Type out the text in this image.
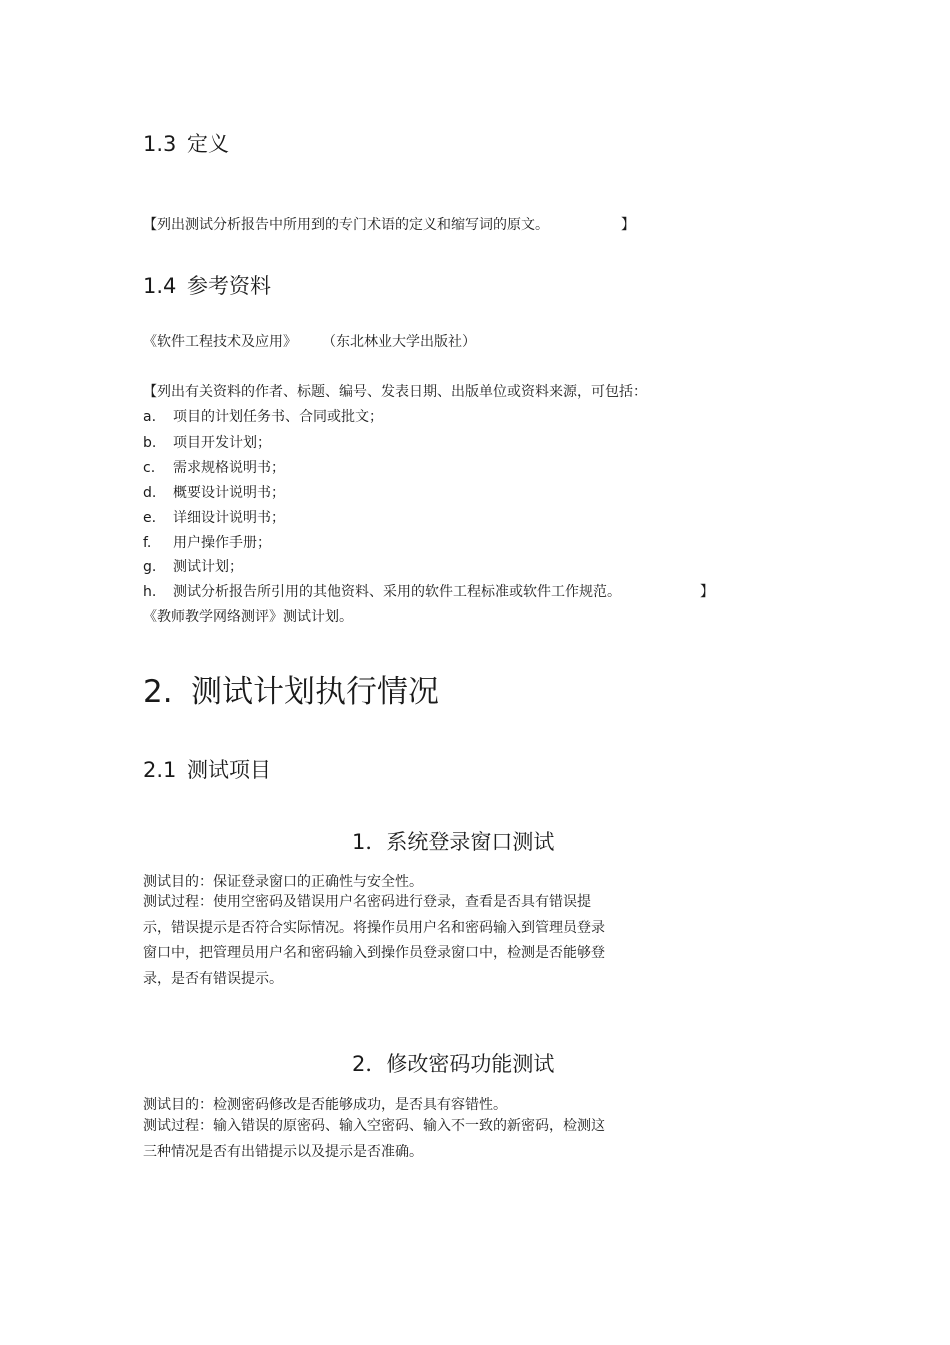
1.3 定义
【列出测试分析报告中所用到的专门术语的定义和缩写词的原文。	】
1.4 参考资料
《软件工程技术及应用》 （东北林业大学出版社）
【列出有关资料的作者、标题、编号、发表日期、出版单位或资料来源，可包括：
a. 项目的计划任务书、合同或批文；
b. 项目开发计划；
c. 需求规格说明书；
d. 概要设计说明书；
e. 详细设计说明书；
f. 用户操作手册；
g. 测试计划；
h. 测试分析报告所引用的其他资料、采用的软件工程标准或软件工作规范。	】
《教师教学网络测评》测试计划。
2. 测试计划执行情况
2.1 测试项目
1．系统登录窗口测试
测试目的：保证登录窗口的正确性与安全性。
测试过程：使用空密码及错误用户名密码进行登录，查看是否具有错误提示，错误提示是否符合实际情况。将操作员用户名和密码输入到管理员登录窗口中，把管理员用户名和密码输入到操作员登录窗口中，检测是否能够登录，是否有错误提示。
2．修改密码功能测试
测试目的：检测密码修改是否能够成功，是否具有容错性。
测试过程：输入错误的原密码、输入空密码、输入不一致的新密码，检测这三种情况是否有出错提示以及提示是否准确。
